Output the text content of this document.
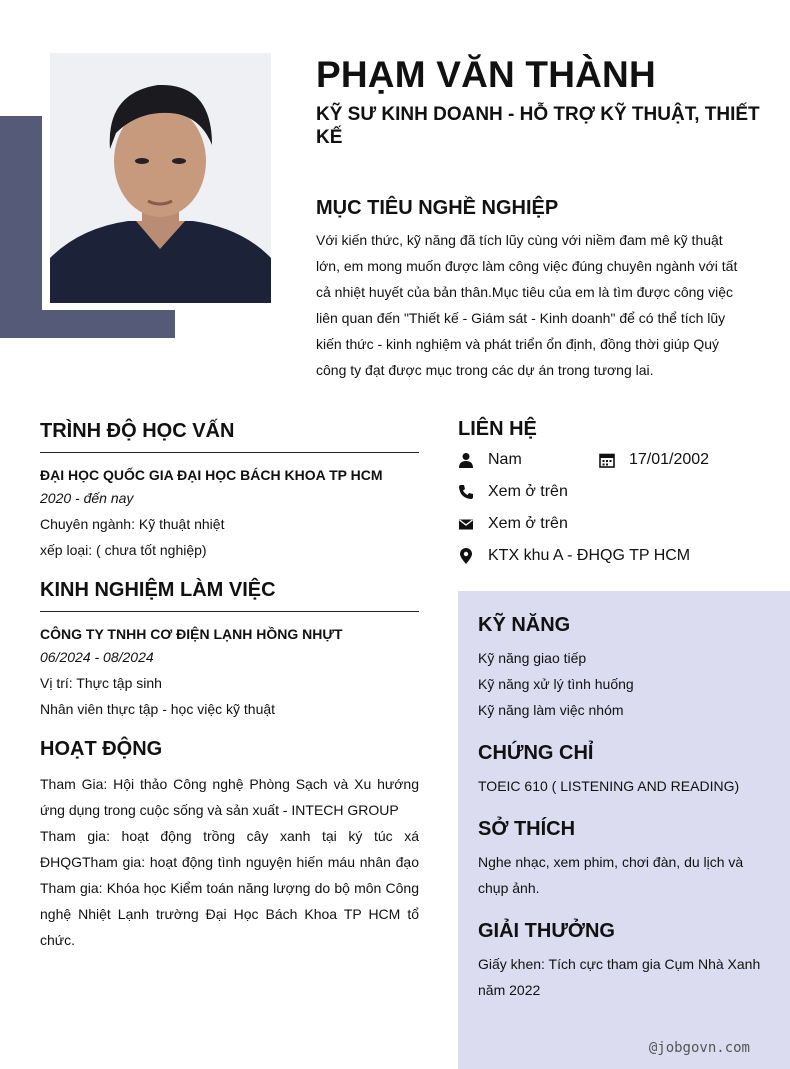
PHẠM VĂN THÀNH
KỸ SƯ KINH DOANH - HỖ TRỢ KỸ THUẬT, THIẾT KẾ
MỤC TIÊU NGHỀ NGHIỆP

Với kiến thức, kỹ năng đã tích lũy cùng với niềm đam mê kỹ thuật lớn, em mong muốn được làm công việc đúng chuyên ngành với tất cả nhiệt huyết của bản thân.Mục tiêu của em là tìm được công việc liên quan đến "Thiết kế - Giám sát - Kinh doanh" để có thể tích lũy kiến thức - kinh nghiệm và phát triển ổn định, đồng thời giúp Quý công ty đạt được mục trong các dự án trong tương lai.

TRÌNH ĐỘ HỌC VẤN
ĐẠI HỌC QUỐC GIA ĐẠI HỌC BÁCH KHOA TP HCM
2020 - đến nay
Chuyên ngành: Kỹ thuật nhiệt
xếp loại: ( chưa tốt nghiệp)
KINH NGHIỆM LÀM VIỆC
CÔNG TY TNHH CƠ ĐIỆN LẠNH HỒNG NHỰT
06/2024 - 08/2024
Vị trí: Thực tập sinh
Nhân viên thực tập - học việc kỹ thuật
HOẠT ĐỘNG

Tham Gia: Hội thảo Công nghệ Phòng Sạch và Xu hướng ứng dụng trong cuộc sống và sản xuất - INTECH GROUP

Tham gia: hoạt động trồng cây xanh tại ký túc xá ĐHQGTham gia: hoạt động tình nguyện hiến máu nhân đạo Tham gia: Khóa học Kiểm toán năng lượng do bộ môn Công nghệ Nhiệt Lạnh trường Đại Học Bách Khoa TP HCM tổ chức.

LIÊN HỆ
Nam	17/01/2002
Xem ở trên
Xem ở trên
KTX khu A - ĐHQG TP HCM
KỸ NĂNG
Kỹ năng giao tiếp
Kỹ năng xử lý tình huống
Kỹ năng làm việc nhóm
CHỨNG CHỈ
TOEIC 610 ( LISTENING AND READING)
SỞ THÍCH
Nghe nhạc, xem phim, chơi đàn, du lịch và chụp ảnh.
GIẢI THƯỞNG
Giấy khen: Tích cực tham gia Cụm Nhà Xanh năm 2022
@jobgovn.com
